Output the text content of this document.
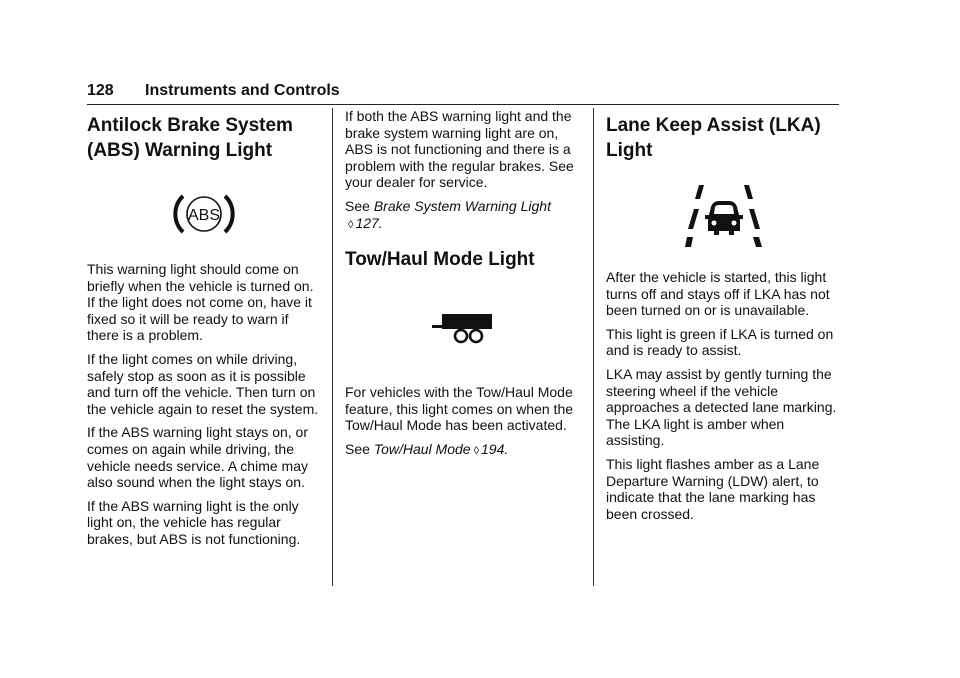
128 Instruments and Controls
Antilock Brake System (ABS) Warning Light
ABS

This warning light should come on briefly when the vehicle is turned on. If the light does not come on, have it fixed so it will be ready to warn if there is a problem.

If the light comes on while driving, safely stop as soon as it is possible and turn off the vehicle. Then turn on the vehicle again to reset the system.

If the ABS warning light stays on, or comes on again while driving, the vehicle needs service. A chime may also sound when the light stays on.

If the ABS warning light is the only light on, the vehicle has regular brakes, but ABS is not functioning.

If both the ABS warning light and the brake system warning light are on, ABS is not functioning and there is a problem with the regular brakes. See your dealer for service.

See Brake System Warning Light
◊ 127.

Tow/Haul Mode Light

For vehicles with the Tow/Haul Mode feature, this light comes on when the Tow/Haul Mode has been activated.

See Tow/Haul Mode ◊ 194.

Lane Keep Assist (LKA) Light

After the vehicle is started, this light turns off and stays off if LKA has not been turned on or is unavailable.

This light is green if LKA is turned on and is ready to assist.

LKA may assist by gently turning the steering wheel if the vehicle approaches a detected lane marking. The LKA light is amber when assisting.

This light flashes amber as a Lane Departure Warning (LDW) alert, to indicate that the lane marking has been crossed.
